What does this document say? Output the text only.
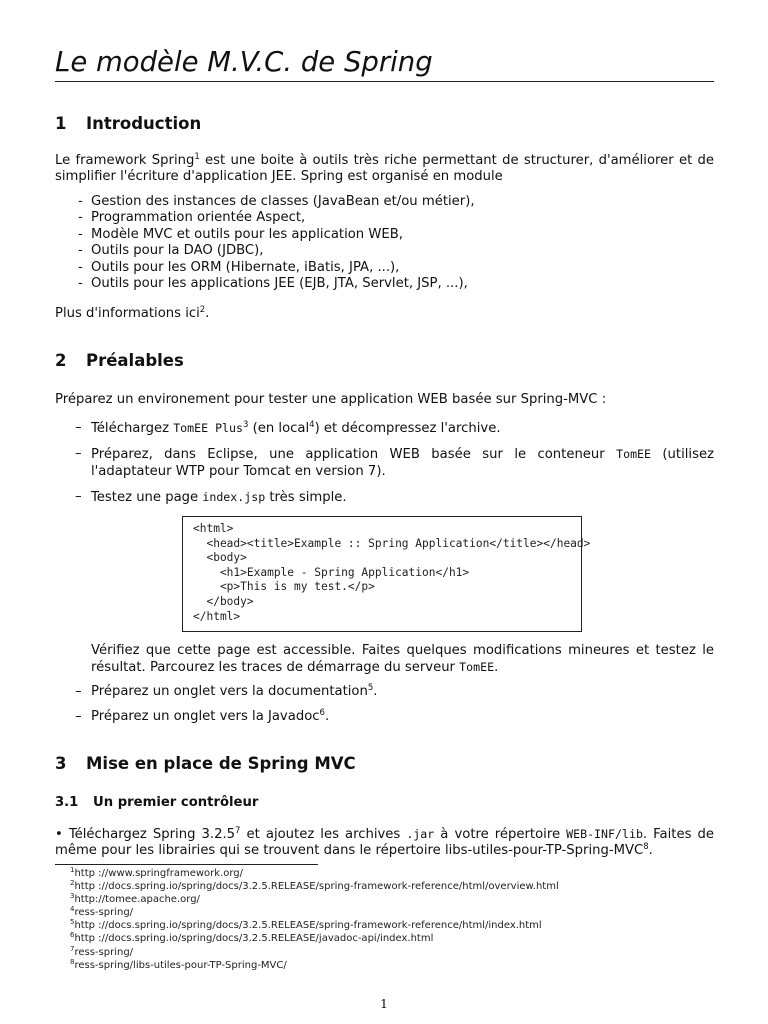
Le modèle M.V.C. de Spring
1 Introduction

Le framework Spring$^1$ est une boite à outils très riche permettant de structurer, d'améliorer et de simplifier l'écriture d'application JEE. Spring est organisé en module

- Gestion des instances de classes (JavaBean et/ou métier),
- Programmation orientée Aspect,
- Modèle MVC et outils pour les application WEB,
- Outils pour la DAO (JDBC),
- Outils pour les ORM (Hibernate, iBatis, JPA, ...),
- Outils pour les applications JEE (EJB, JTA, Servlet, JSP, ...),

Plus d'informations ici$^2$.

2 Préalables

Préparez un environement pour tester une application WEB basée sur Spring-MVC :

– Téléchargez TomEE Plus$^3$ (en local$^4$) et décompressez l'archive.
– Préparez, dans Eclipse, une application WEB basée sur le conteneur TomEE (utilisez l'adaptateur WTP pour Tomcat en version 7).
– Testez une page index.jsp très simple.
<html>
<head><title>Example :: Spring Application</title></head>
<body>
<h1>Example - Spring Application</h1>
<p>This is my test.</p>
</body>
</html>

Vérifiez que cette page est accessible. Faites quelques modifications mineures et testez le résultat. Parcourez les traces de démarrage du serveur TomEE.

– Préparez un onglet vers la documentation$^5$.
– Préparez un onglet vers la Javadoc$^6$.
3 Mise en place de Spring MVC
3.1 Un premier contrôleur

• Téléchargez Spring 3.2.5$^7$ et ajoutez les archives .jar à votre répertoire WEB-INF/lib. Faites de même pour les librairies qui se trouvent dans le répertoire libs-utiles-pour-TP-Spring-MVC$^8$.

$^1$http ://www.springframework.org/
$^2$http ://docs.spring.io/spring/docs/3.2.5.RELEASE/spring-framework-reference/html/overview.html
$^3$http://tomee.apache.org/
$^4$ress-spring/
$^5$http ://docs.spring.io/spring/docs/3.2.5.RELEASE/spring-framework-reference/html/index.html
$^6$http ://docs.spring.io/spring/docs/3.2.5.RELEASE/javadoc-api/index.html
$^7$ress-spring/
$^8$ress-spring/libs-utiles-pour-TP-Spring-MVC/
1
